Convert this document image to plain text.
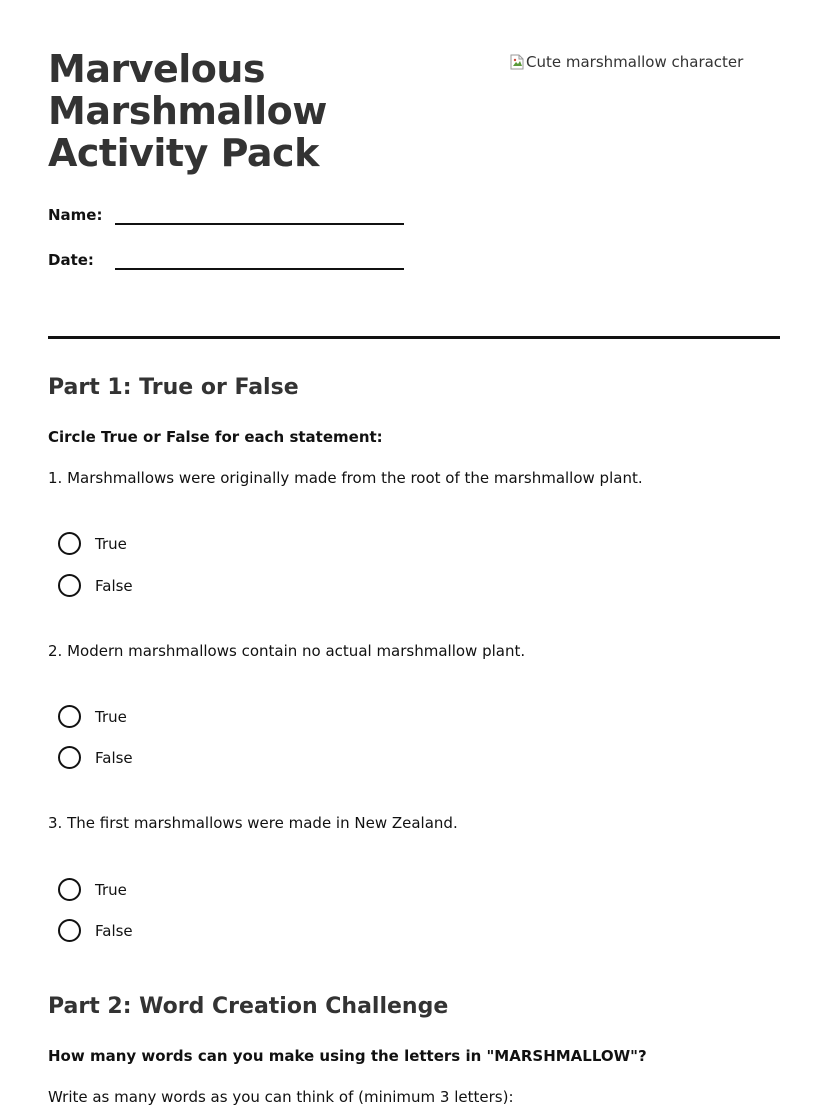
Marvelous Marshmallow Activity Pack
Cute marshmallow character
Name:
Date:
Part 1: True or False
Circle True or False for each statement:
1. Marshmallows were originally made from the root of the marshmallow plant.
True
False
2. Modern marshmallows contain no actual marshmallow plant.
True
False
3. The first marshmallows were made in New Zealand.
True
False
Part 2: Word Creation Challenge
How many words can you make using the letters in "MARSHMALLOW"?
Write as many words as you can think of (minimum 3 letters):
